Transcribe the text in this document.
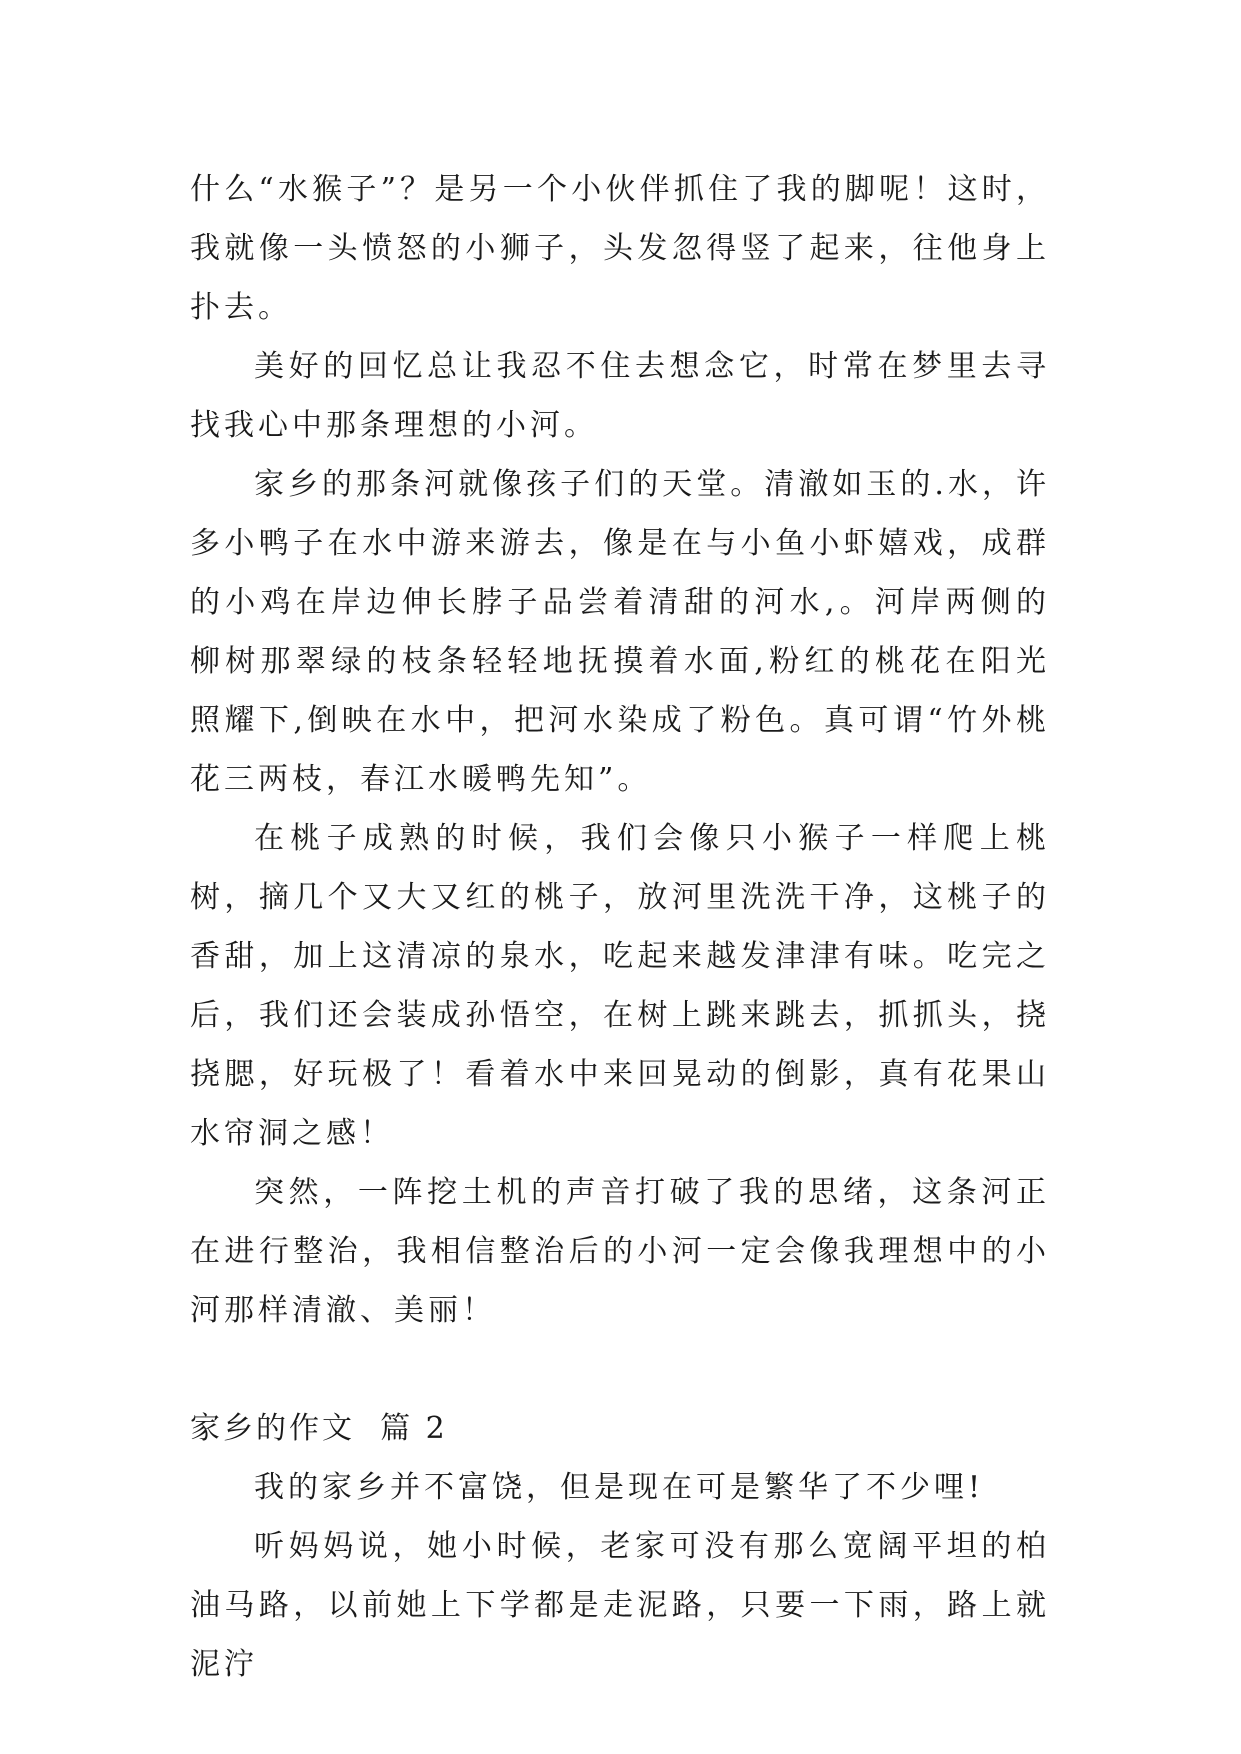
什么“水猴子”？是另一个小伙伴抓住了我的脚呢！这时，我就像一头愤怒的小狮子，头发忽得竖了起来，往他身上扑去。

美好的回忆总让我忍不住去想念它，时常在梦里去寻找我心中那条理想的小河。

家乡的那条河就像孩子们的天堂。清澈如玉的.水，许多小鸭子在水中游来游去，像是在与小鱼小虾嬉戏，成群的小鸡在岸边伸长脖子品尝着清甜的河水,。河岸两侧的柳树那翠绿的枝条轻轻地抚摸着水面,粉红的桃花在阳光照耀下,倒映在水中，把河水染成了粉色。真可谓“竹外桃花三两枝，春江水暖鸭先知”。

在桃子成熟的时候，我们会像只小猴子一样爬上桃树，摘几个又大又红的桃子，放河里洗洗干净，这桃子的香甜，加上这清凉的泉水，吃起来越发津津有味。吃完之后，我们还会装成孙悟空，在树上跳来跳去，抓抓头，挠挠腮，好玩极了！看着水中来回晃动的倒影，真有花果山水帘洞之感！

突然，一阵挖土机的声音打破了我的思绪，这条河正在进行整治，我相信整治后的小河一定会像我理想中的小河那样清澈、美丽！

家乡的作文  篇 2

我的家乡并不富饶，但是现在可是繁华了不少哩!

听妈妈说，她小时候，老家可没有那么宽阔平坦的柏油马路，以前她上下学都是走泥路，只要一下雨，路上就泥泞
